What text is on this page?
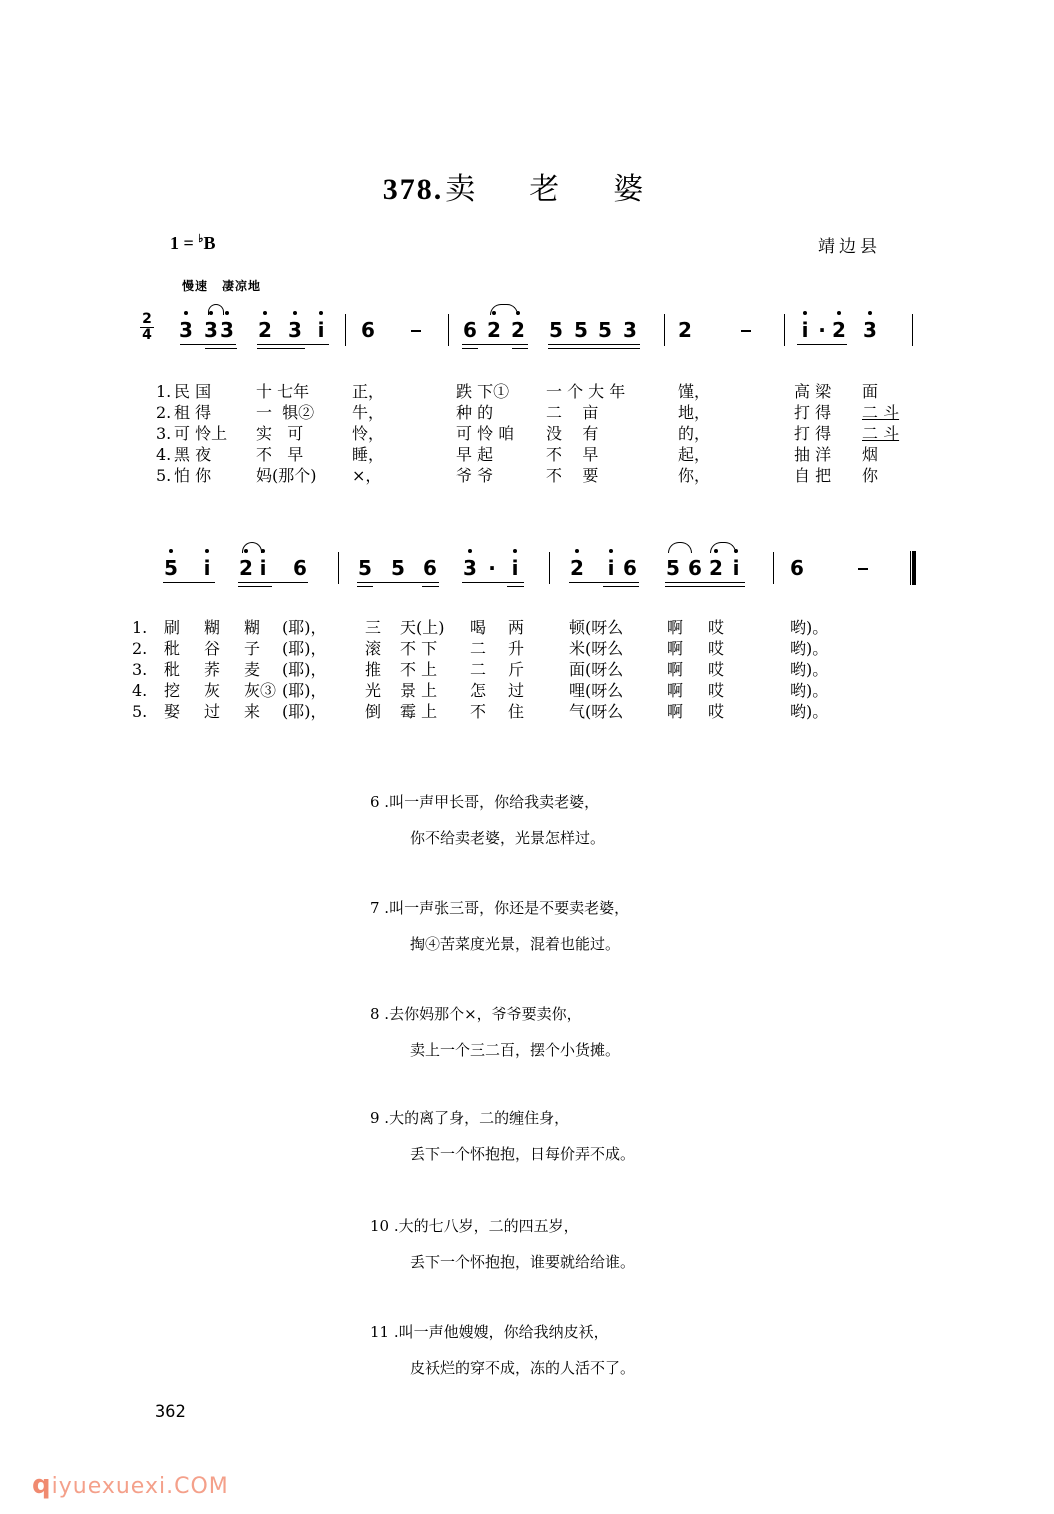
378.卖 老 婆
1 = ♭B	靖边县
慢速 凄凉地
2
4 3 3 3 2 3 i 6	6 2 2 5 5 5 3 2	i · 2 3

1. 民 国	十 七年	正，	跌 下① 一 个 大 年	馑，	高 梁 面

2. 租 得	一  犋② 牛，	种 的	二    亩	地，	打 得 二 斗

3. 可 怜上 实   可	怜，	可 怜 咱 没    有	的，	打 得 二 斗

4. 黑 夜	不   早	睡，	早 起	不    早	起，	抽 洋 烟

5. 怕 你	妈(那个) ×，	爷 爷	不    要	你，	自 把 你

5 i 2 i 6	5 5 6 3 · i	2 i 6 5 6 2 i	6

1. 刷 糊 糊 (耶)， 三 天(上) 喝 两	顿(呀么	啊 哎	哟)。

2. 秕 谷 子 (耶)， 滚 不 下 二 升	米(呀么	啊 哎	哟)。

3. 秕 荞 麦 (耶)， 推 不 上 二 斤	面(呀么	啊 哎	哟)。

4. 挖 灰 灰③ (耶)， 光 景 上 怎 过	哩(呀么	啊 哎	哟)。

5. 娶 过 来 (耶)， 倒 霉 上 不 住	气(呀么	啊 哎	哟)。

6 .叫一声甲长哥，你给我卖老婆，
你不给卖老婆，光景怎样过。
7 .叫一声张三哥，你还是不要卖老婆，
掏④苦菜度光景，混着也能过。
8 .去你妈那个×，爷爷要卖你，
卖上一个三二百，摆个小货摊。
9 .大的离了身，二的缠住身，
丢下一个怀抱抱，日每价弄不成。
10 .大的七八岁，二的四五岁，
丢下一个怀抱抱，谁要就给给谁。
11 .叫一声他嫂嫂，你给我纳皮袄，
皮袄烂的穿不成，冻的人活不了。
362
qiyuexuexi.COM
